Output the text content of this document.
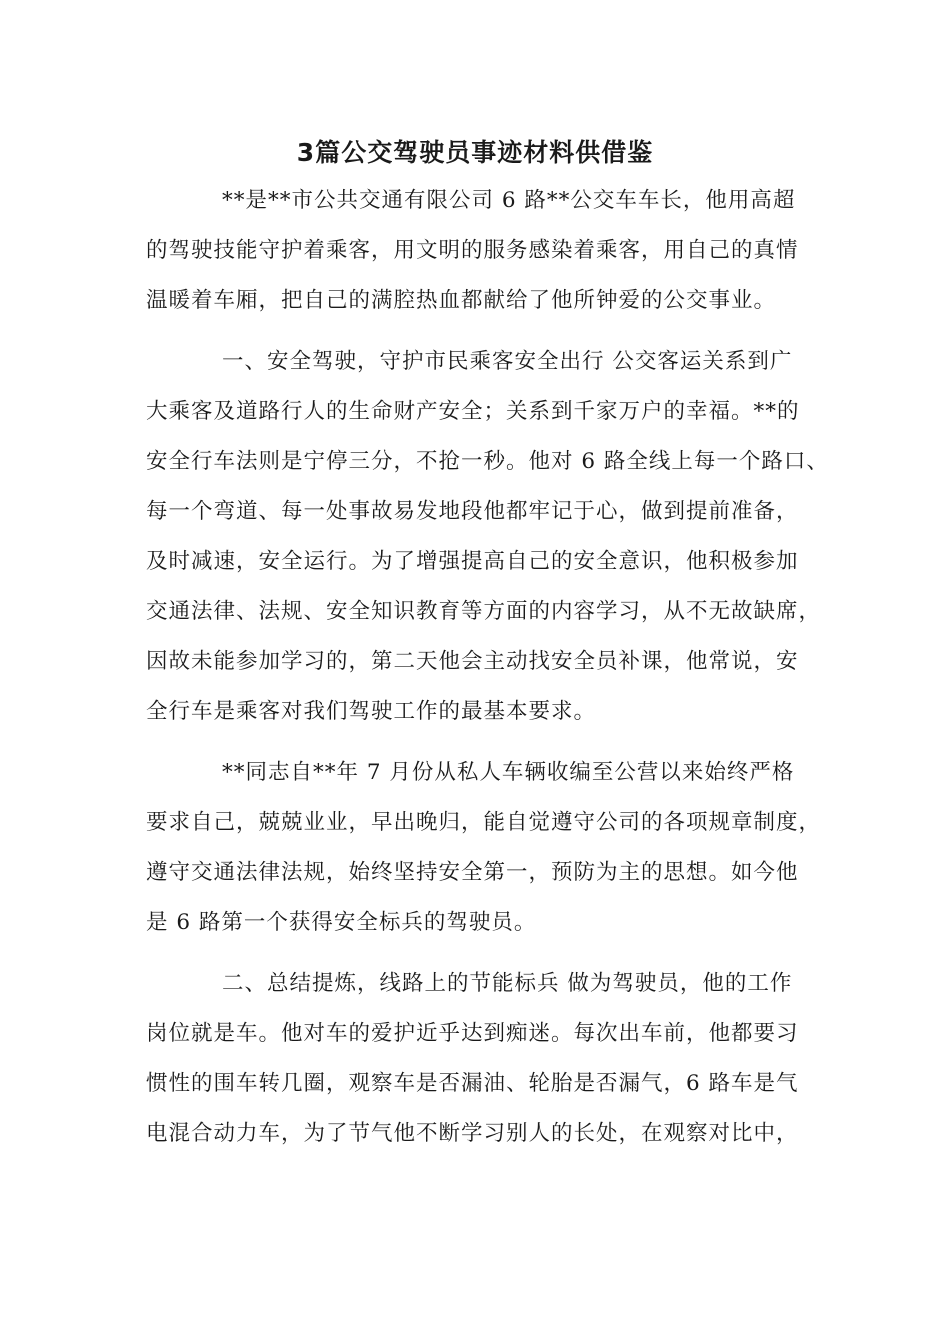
3篇公交驾驶员事迹材料供借鉴
**是**市公共交通有限公司 6 路**公交车车长，他用高超
的驾驶技能守护着乘客，用文明的服务感染着乘客，用自己的真情
温暖着车厢，把自己的满腔热血都献给了他所钟爱的公交事业。
一、安全驾驶，守护市民乘客安全出行 公交客运关系到广
大乘客及道路行人的生命财产安全；关系到千家万户的幸福。**的
安全行车法则是宁停三分，不抢一秒。他对 6 路全线上每一个路口、
每一个弯道、每一处事故易发地段他都牢记于心，做到提前准备，
及时减速，安全运行。为了增强提高自己的安全意识，他积极参加
交通法律、法规、安全知识教育等方面的内容学习，从不无故缺席，
因故未能参加学习的，第二天他会主动找安全员补课，他常说，安
全行车是乘客对我们驾驶工作的最基本要求。
**同志自**年 7 月份从私人车辆收编至公营以来始终严格
要求自己，兢兢业业，早出晚归，能自觉遵守公司的各项规章制度，
遵守交通法律法规，始终坚持安全第一，预防为主的思想。如今他
是 6 路第一个获得安全标兵的驾驶员。
二、总结提炼，线路上的节能标兵 做为驾驶员，他的工作
岗位就是车。他对车的爱护近乎达到痴迷。每次出车前，他都要习
惯性的围车转几圈，观察车是否漏油、轮胎是否漏气，6 路车是气
电混合动力车，为了节气他不断学习别人的长处，在观察对比中，
